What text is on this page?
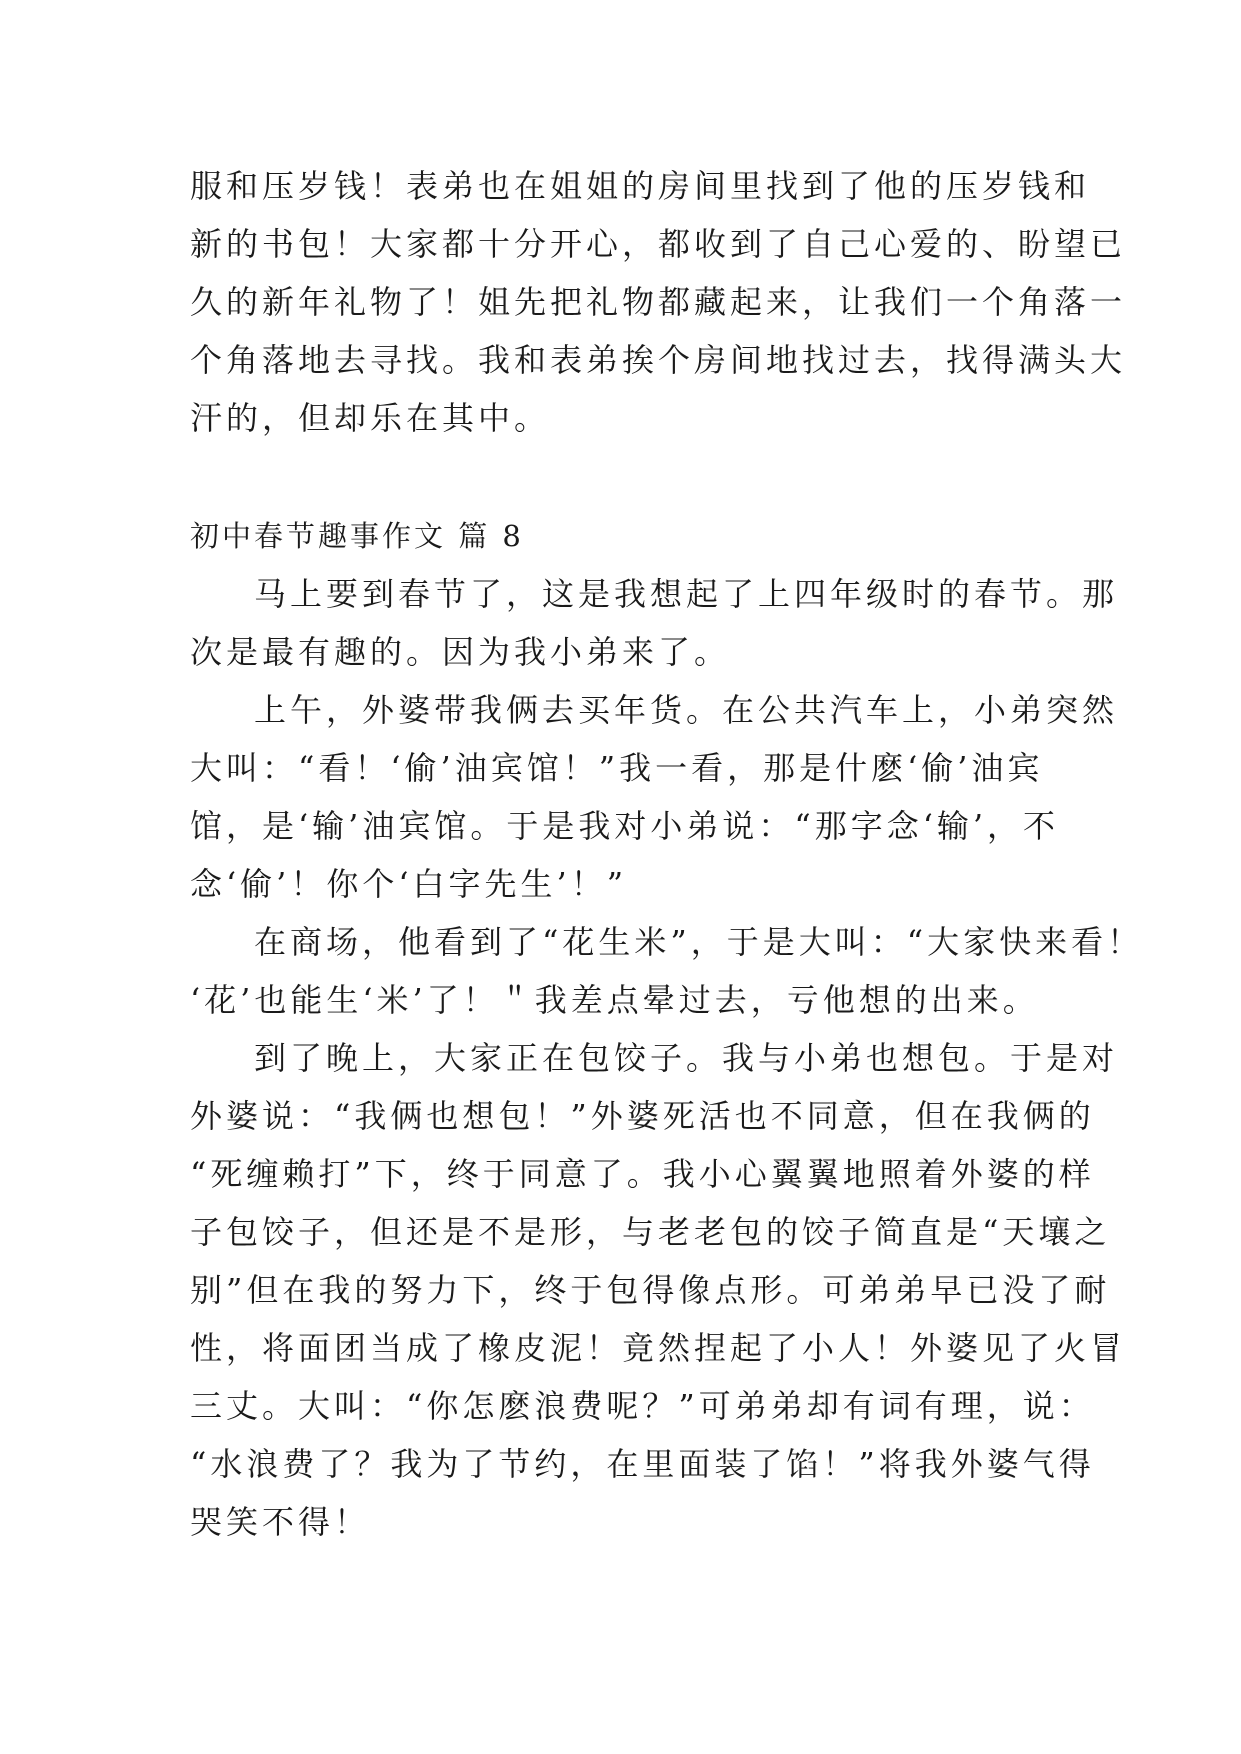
服和压岁钱！表弟也在姐姐的房间里找到了他的压岁钱和
新的书包！大家都十分开心，都收到了自己心爱的、盼望已
久的新年礼物了！姐先把礼物都藏起来，让我们一个角落一
个角落地去寻找。我和表弟挨个房间地找过去，找得满头大
汗的，但却乐在其中。
初中春节趣事作文 篇 8
马上要到春节了，这是我想起了上四年级时的春节。那
次是最有趣的。因为我小弟来了。
上午，外婆带我俩去买年货。在公共汽车上，小弟突然
大叫：“看！‘偷’油宾馆！”我一看，那是什麽‘偷’油宾
馆，是‘输’油宾馆。于是我对小弟说：“那字念‘输’，不
念‘偷’！你个‘白字先生’！”
在商场，他看到了“花生米”，于是大叫：“大家快来看！
‘花’也能生‘米’了！＂我差点晕过去，亏他想的出来。
到了晚上，大家正在包饺子。我与小弟也想包。于是对
外婆说：“我俩也想包！”外婆死活也不同意，但在我俩的
“死缠赖打”下，终于同意了。我小心翼翼地照着外婆的样
子包饺子，但还是不是形，与老老包的饺子简直是“天壤之
别”但在我的努力下，终于包得像点形。可弟弟早已没了耐
性，将面团当成了橡皮泥！竟然捏起了小人！外婆见了火冒
三丈。大叫：“你怎麽浪费呢？”可弟弟却有词有理，说：
“水浪费了？我为了节约，在里面装了馅！”将我外婆气得
哭笑不得！
